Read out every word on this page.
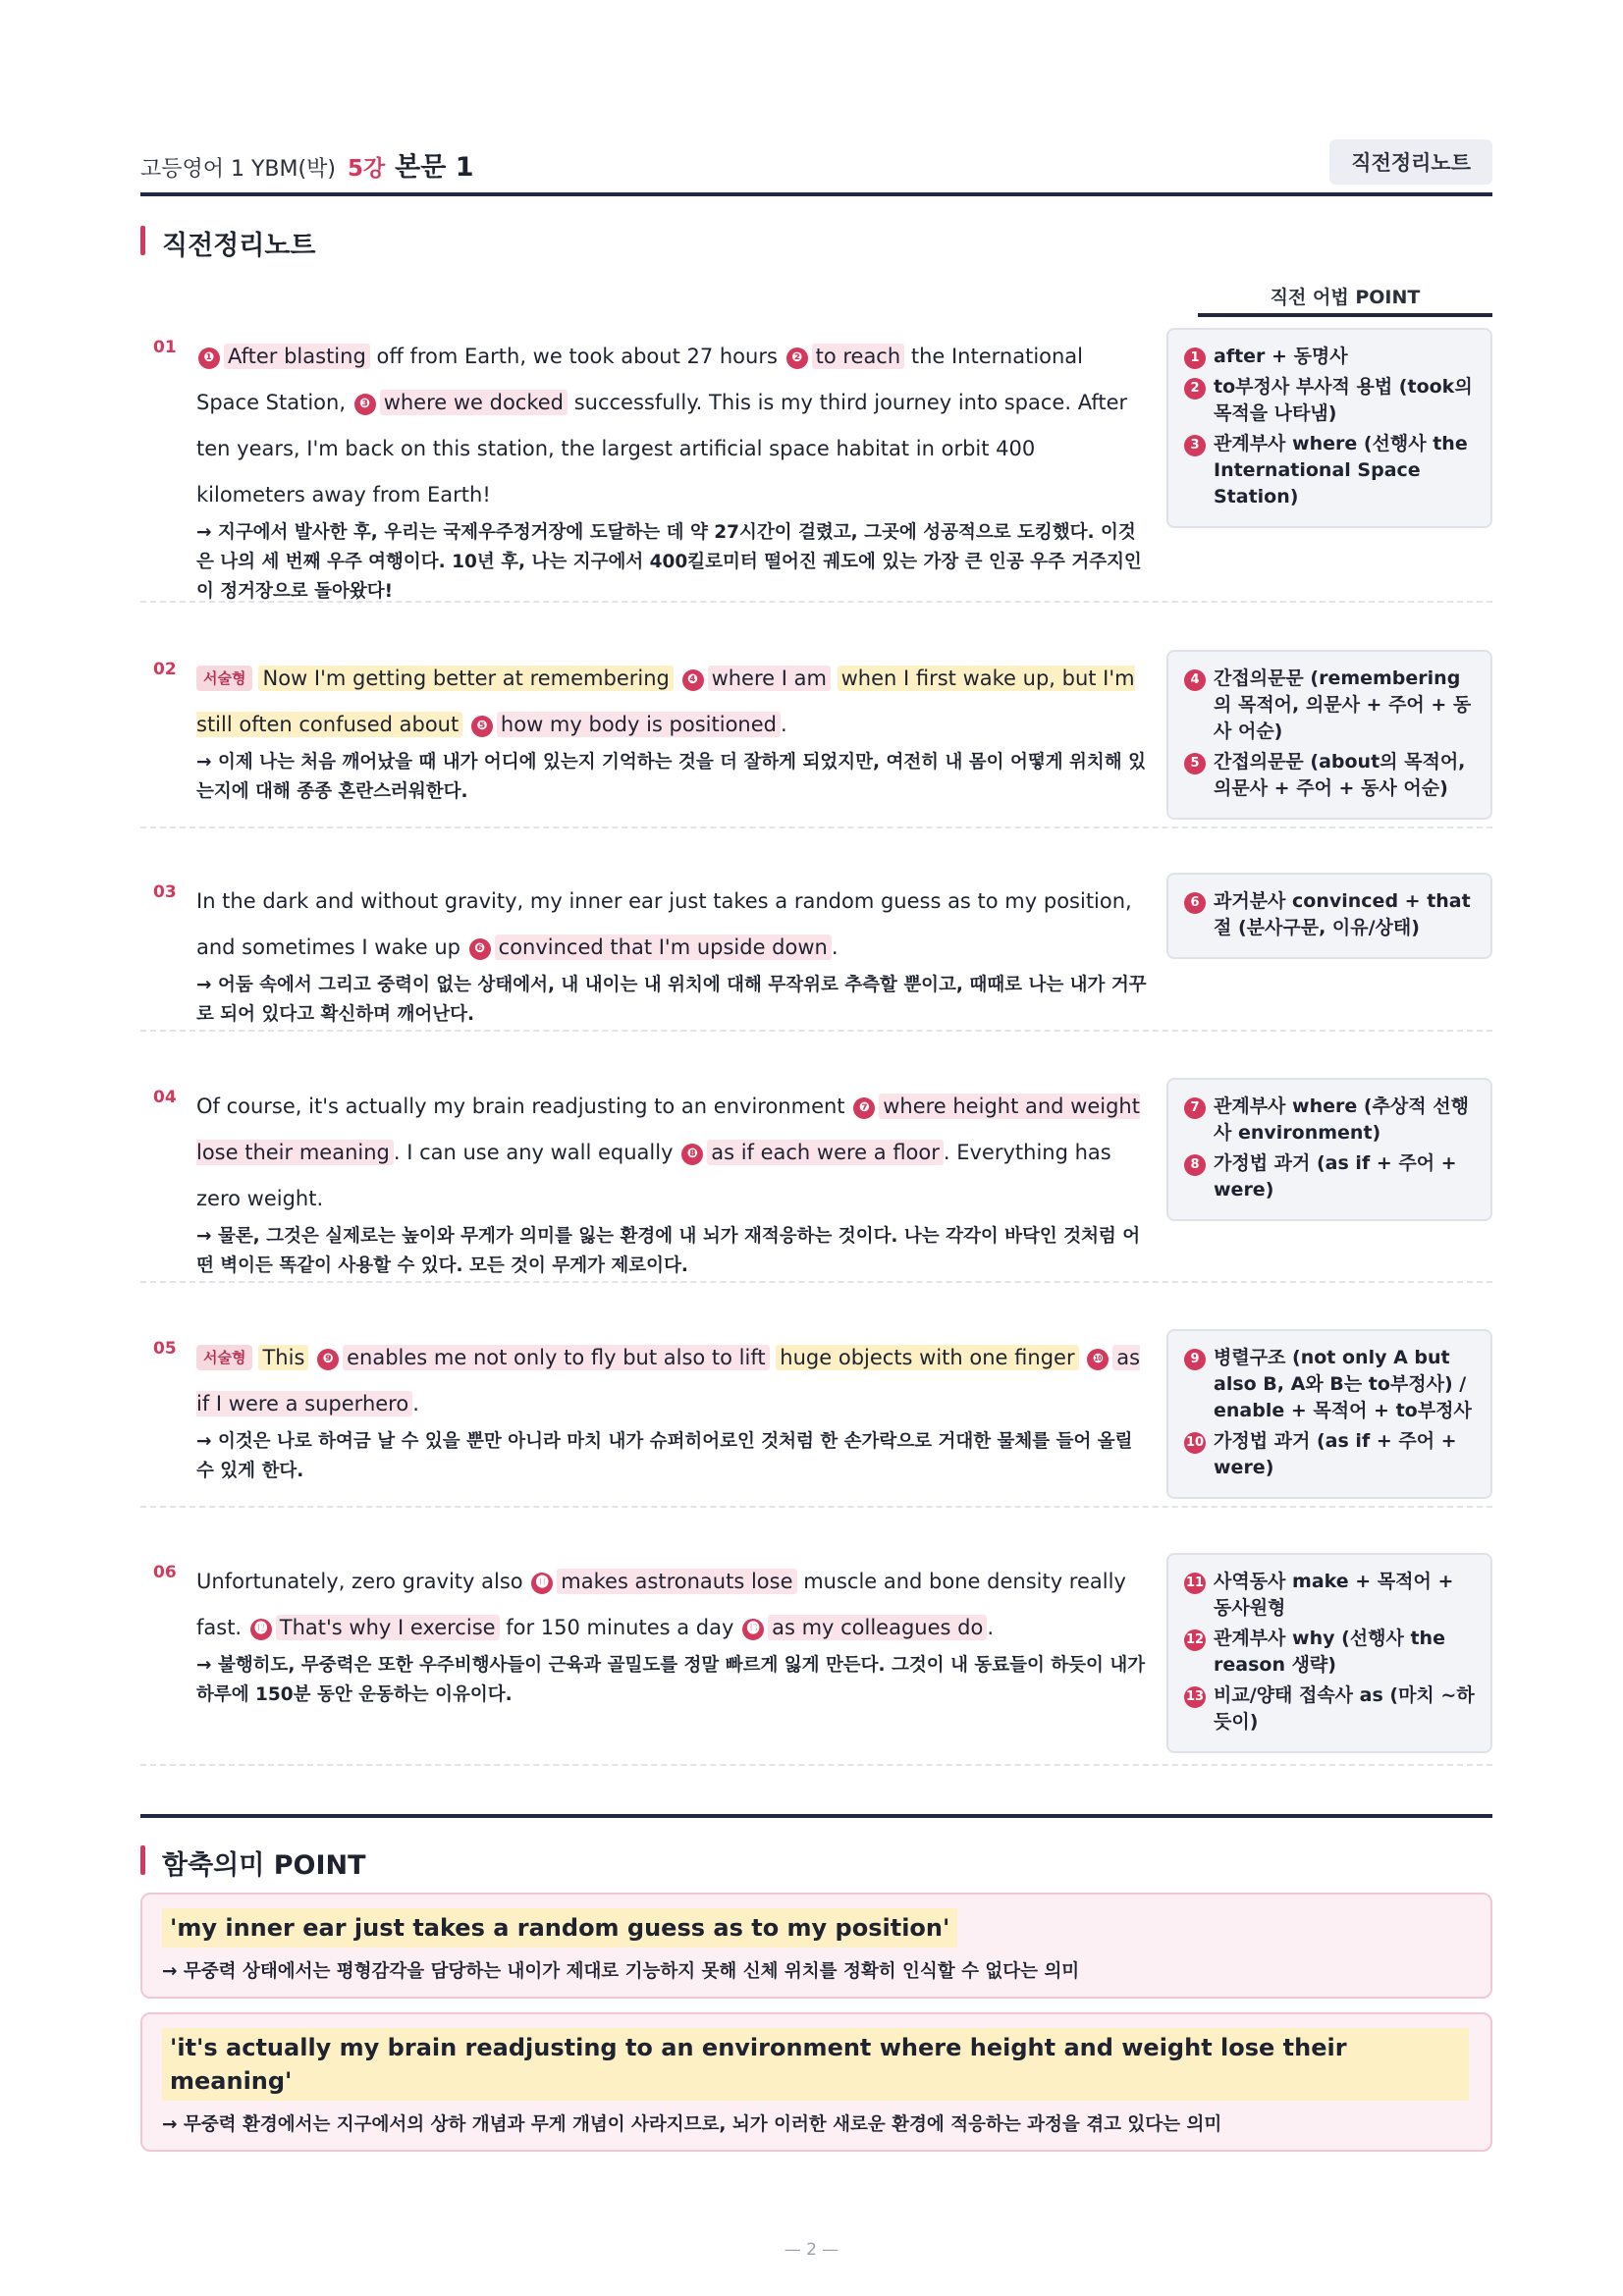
고등영어 1 YBM(박) 5강 본문 1	직전정리노트
직전정리노트
직전 어법 POINT
01
❶ After blasting off from Earth, we took about 27 hours ❷ to reach the International Space Station, ❸ where we docked successfully. This is my third journey into space. After ten years, I'm back on this station, the largest artificial space habitat in orbit 400 kilometers away from Earth!
→ 지구에서 발사한 후, 우리는 국제우주정거장에 도달하는 데 약 27시간이 걸렸고, 그곳에 성공적으로 도킹했다. 이것은 나의 세 번째 우주 여행이다. 10년 후, 나는 지구에서 400킬로미터 떨어진 궤도에 있는 가장 큰 인공 우주 거주지인 이 정거장으로 돌아왔다!
1 after + 동명사
2 to부정사 부사적 용법 (took의 목적을 나타냄)
3 관계부사 where (선행사 the International Space Station)
02	서술형 Now I'm getting better at remembering ❹ where I am when I first wake up, but I'm still often confused about ❺ how my body is positioned .
→ 이제 나는 처음 깨어났을 때 내가 어디에 있는지 기억하는 것을 더 잘하게 되었지만, 여전히 내 몸이 어떻게 위치해 있는지에 대해 종종 혼란스러워한다.
4 간접의문문 (remembering의 목적어, 의문사 + 주어 + 동사 어순)
5 간접의문문 (about의 목적어, 의문사 + 주어 + 동사 어순)
03 In the dark and without gravity, my inner ear just takes a random guess as to my position, and sometimes I wake up ❻ convinced that I'm upside down .
→ 어둠 속에서 그리고 중력이 없는 상태에서, 내 내이는 내 위치에 대해 무작위로 추측할 뿐이고, 때때로 나는 내가 거꾸로 되어 있다고 확신하며 깨어난다.
6 과거분사 convinced + that절 (분사구문, 이유/상태)
04 Of course, it's actually my brain readjusting to an environment ❼ where height and weight lose their meaning . I can use any wall equally ❽ as if each were a floor . Everything has zero weight.
→ 물론, 그것은 실제로는 높이와 무게가 의미를 잃는 환경에 내 뇌가 재적응하는 것이다. 나는 각각이 바닥인 것처럼 어떤 벽이든 똑같이 사용할 수 있다. 모든 것이 무게가 제로이다.
7 관계부사 where (추상적 선행사 environment)
8 가정법 과거 (as if + 주어 + were)
05	서술형 This ❾ enables me not only to fly but also to lift huge objects with one finger ❿ as if I were a superhero .
→ 이것은 나로 하여금 날 수 있을 뿐만 아니라 마치 내가 슈퍼히어로인 것처럼 한 손가락으로 거대한 물체를 들어 올릴 수 있게 한다.
9 병렬구조 (not only A but also B, A와 B는 to부정사) / enable + 목적어 + to부정사
10 가정법 과거 (as if + 주어 + were)
06 Unfortunately, zero gravity also ⓫ makes astronauts lose muscle and bone density really fast. ⓬ That's why I exercise for 150 minutes a day ⓭ as my colleagues do .
→ 불행히도, 무중력은 또한 우주비행사들이 근육과 골밀도를 정말 빠르게 잃게 만든다. 그것이 내 동료들이 하듯이 내가 하루에 150분 동안 운동하는 이유이다.
11 사역동사 make + 목적어 + 동사원형
12 관계부사 why (선행사 the reason 생략)
13 비교/양태 접속사 as (마치 ~하듯이)
함축의미 POINT
'my inner ear just takes a random guess as to my position'
→ 무중력 상태에서는 평형감각을 담당하는 내이가 제대로 기능하지 못해 신체 위치를 정확히 인식할 수 없다는 의미
'it's actually my brain readjusting to an environment where height and weight lose their meaning'
→ 무중력 환경에서는 지구에서의 상하 개념과 무게 개념이 사라지므로, 뇌가 이러한 새로운 환경에 적응하는 과정을 겪고 있다는 의미
— 2 —
